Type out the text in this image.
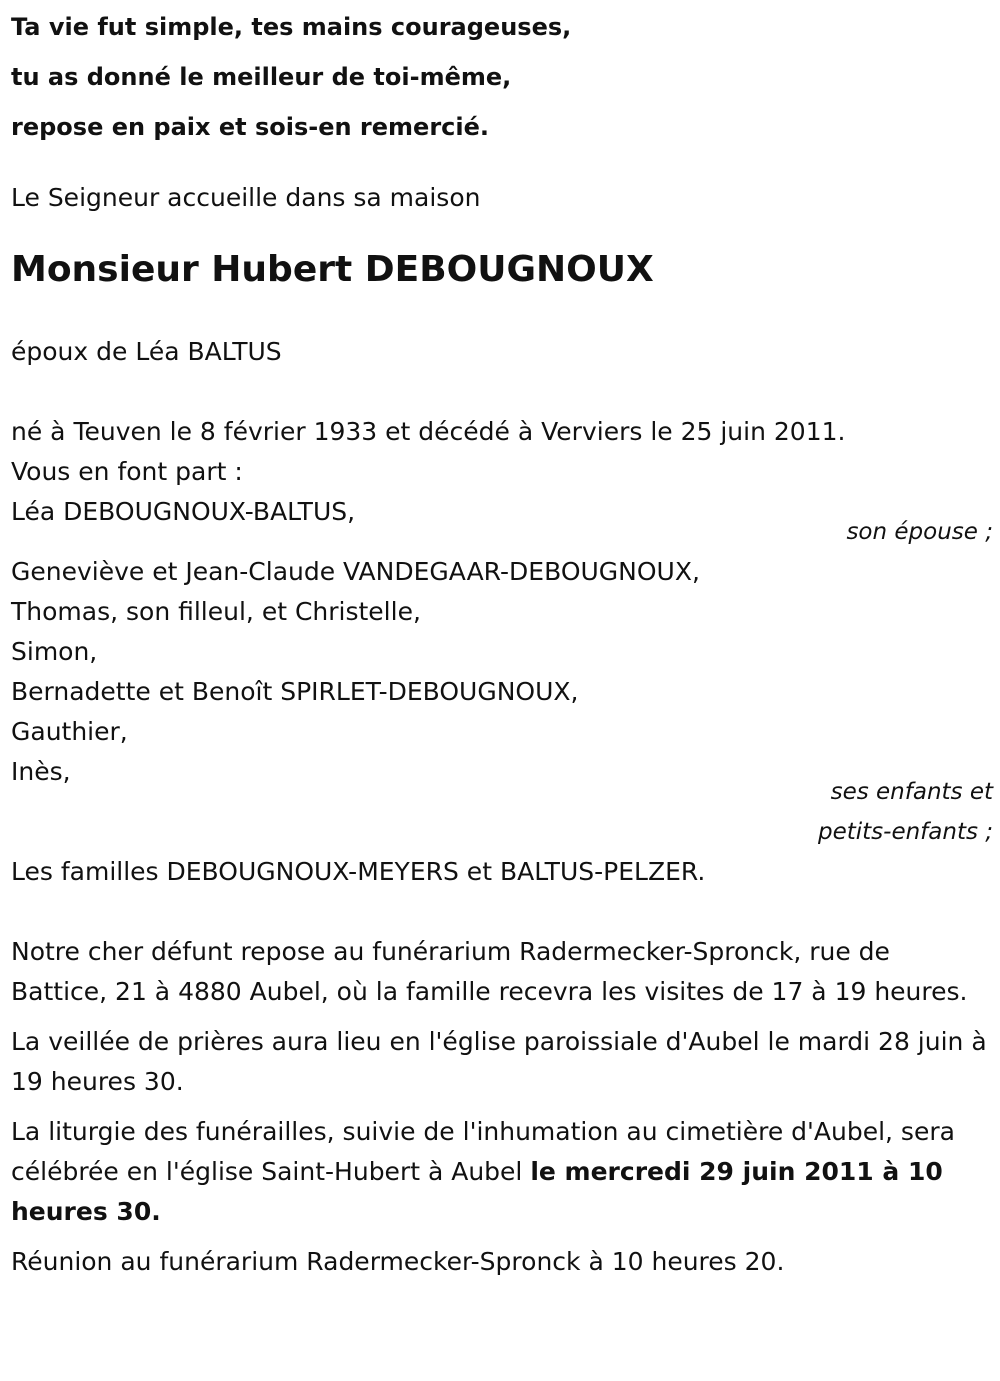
Ta vie fut simple, tes mains courageuses,

tu as donné le meilleur de toi-même,

repose en paix et sois-en remercié.

Le Seigneur accueille dans sa maison

Monsieur Hubert DEBOUGNOUX

époux de Léa BALTUS

né à Teuven le 8 février 1933 et décédé à Verviers le 25 juin 2011.

Vous en font part :

Léa DEBOUGNOUX-BALTUS,

son épouse ;

Geneviève et Jean-Claude VANDEGAAR-DEBOUGNOUX,

Thomas, son filleul, et Christelle,

Simon,

Bernadette et Benoît SPIRLET-DEBOUGNOUX,

Gauthier,

Inès,

ses enfants et

petits-enfants ;

Les familles DEBOUGNOUX-MEYERS et BALTUS-PELZER.

Notre cher défunt repose au funérarium Radermecker-Spronck, rue de Battice, 21 à 4880 Aubel, où la famille recevra les visites de 17 à 19 heures.

La veillée de prières aura lieu en l'église paroissiale d'Aubel le mardi 28 juin à 19 heures 30.

La liturgie des funérailles, suivie de l'inhumation au cimetière d'Aubel, sera célébrée en l'église Saint-Hubert à Aubel le mercredi 29 juin 2011 à 10 heures 30.

Réunion au funérarium Radermecker-Spronck à 10 heures 20.
